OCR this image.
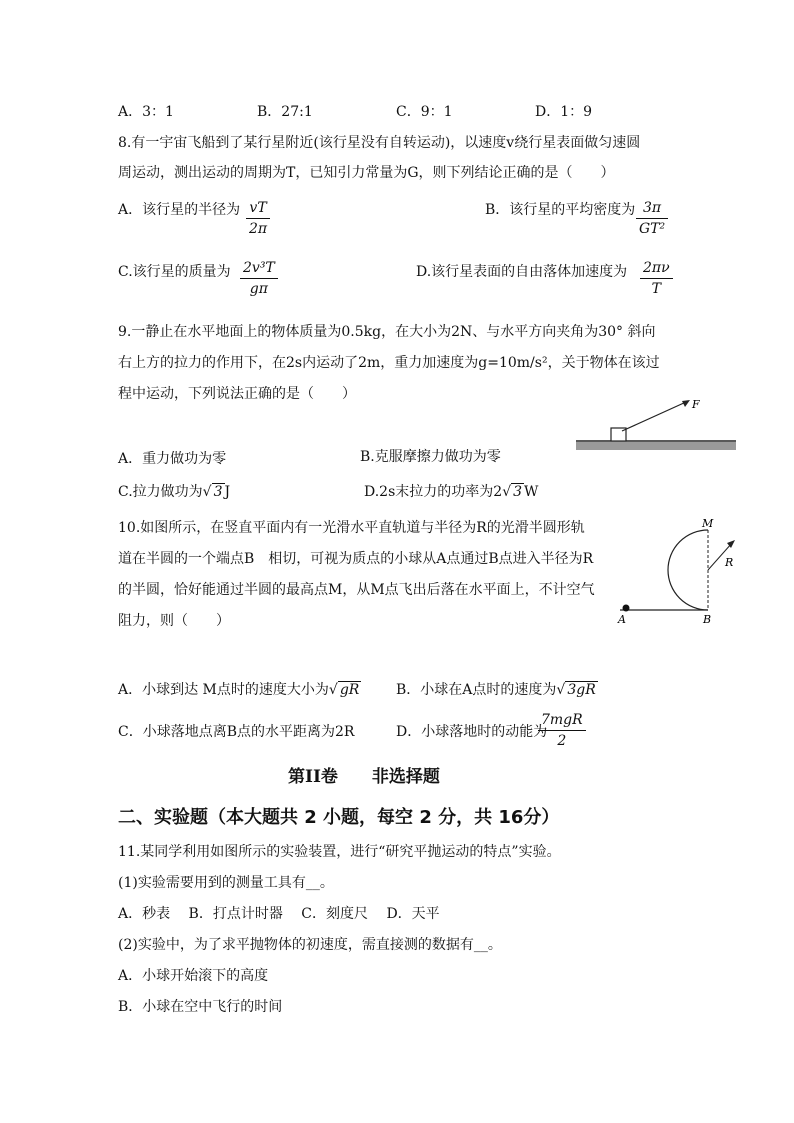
A．3：1	B．27:1	C．9：1	D．1：9
8.有一宇宙飞船到了某行星附近(该行星没有自转运动)，以速度v绕行星表面做匀速圆
周运动，测出运动的周期为T，已知引力常量为G，则下列结论正确的是（　　）
A．该行星的半径为 $\frac{vT}{2\pi}$	B．该行星的平均密度为 $\frac{3\pi}{\text{GT²}}$
C.该行星的质量为 $\frac{\text{2v³T}}{g\pi}$	D.该行星表面的自由落体加速度为 $\frac{2\pi\nu}{T}$
9.一静止在水平地面上的物体质量为0.5kg，在大小为2N、与水平方向夹角为30° 斜向
右上方的拉力的作用下，在2s内运动了2m，重力加速度为g=10m/s²，关于物体在该过
程中运动，下列说法正确的是（　　）
F
A．重力做功为零	B.克服摩擦力做功为零
C.拉力做功为√ 3 J	D.2s末拉力的功率为2√ 3 W
10.如图所示，在竖直平面内有一光滑水平直轨道与半径为R的光滑半圆形轨
道在半圆的一个端点B　相切，可视为质点的小球从A点通过B点进入半径为R
的半圆，恰好能通过半圆的最高点M，从M点飞出后落在水平面上，不计空气
阻力，则（　　）
M
R
A	B
A．小球到达 M点时的速度大小为√ gR	B．小球在A点时的速度为√ 3gR
C．小球落地点离B点的水平距离为2R	D．小球落地时的动能为
$\frac{\text{7mgR}}{2}$
第II卷　　非选择题
二、实验题（本大题共 2 小题，每空 2 分，共 16分）
11.某同学利用如图所示的实验装置，进行“研究平抛运动的特点”实验。
(1)实验需要用到的测量工具有__。
A．秒表　 B．打点计时器　 C．刻度尺　 D．天平
(2)实验中，为了求平抛物体的初速度，需直接测的数据有__。
A．小球开始滚下的高度
B．小球在空中飞行的时间
